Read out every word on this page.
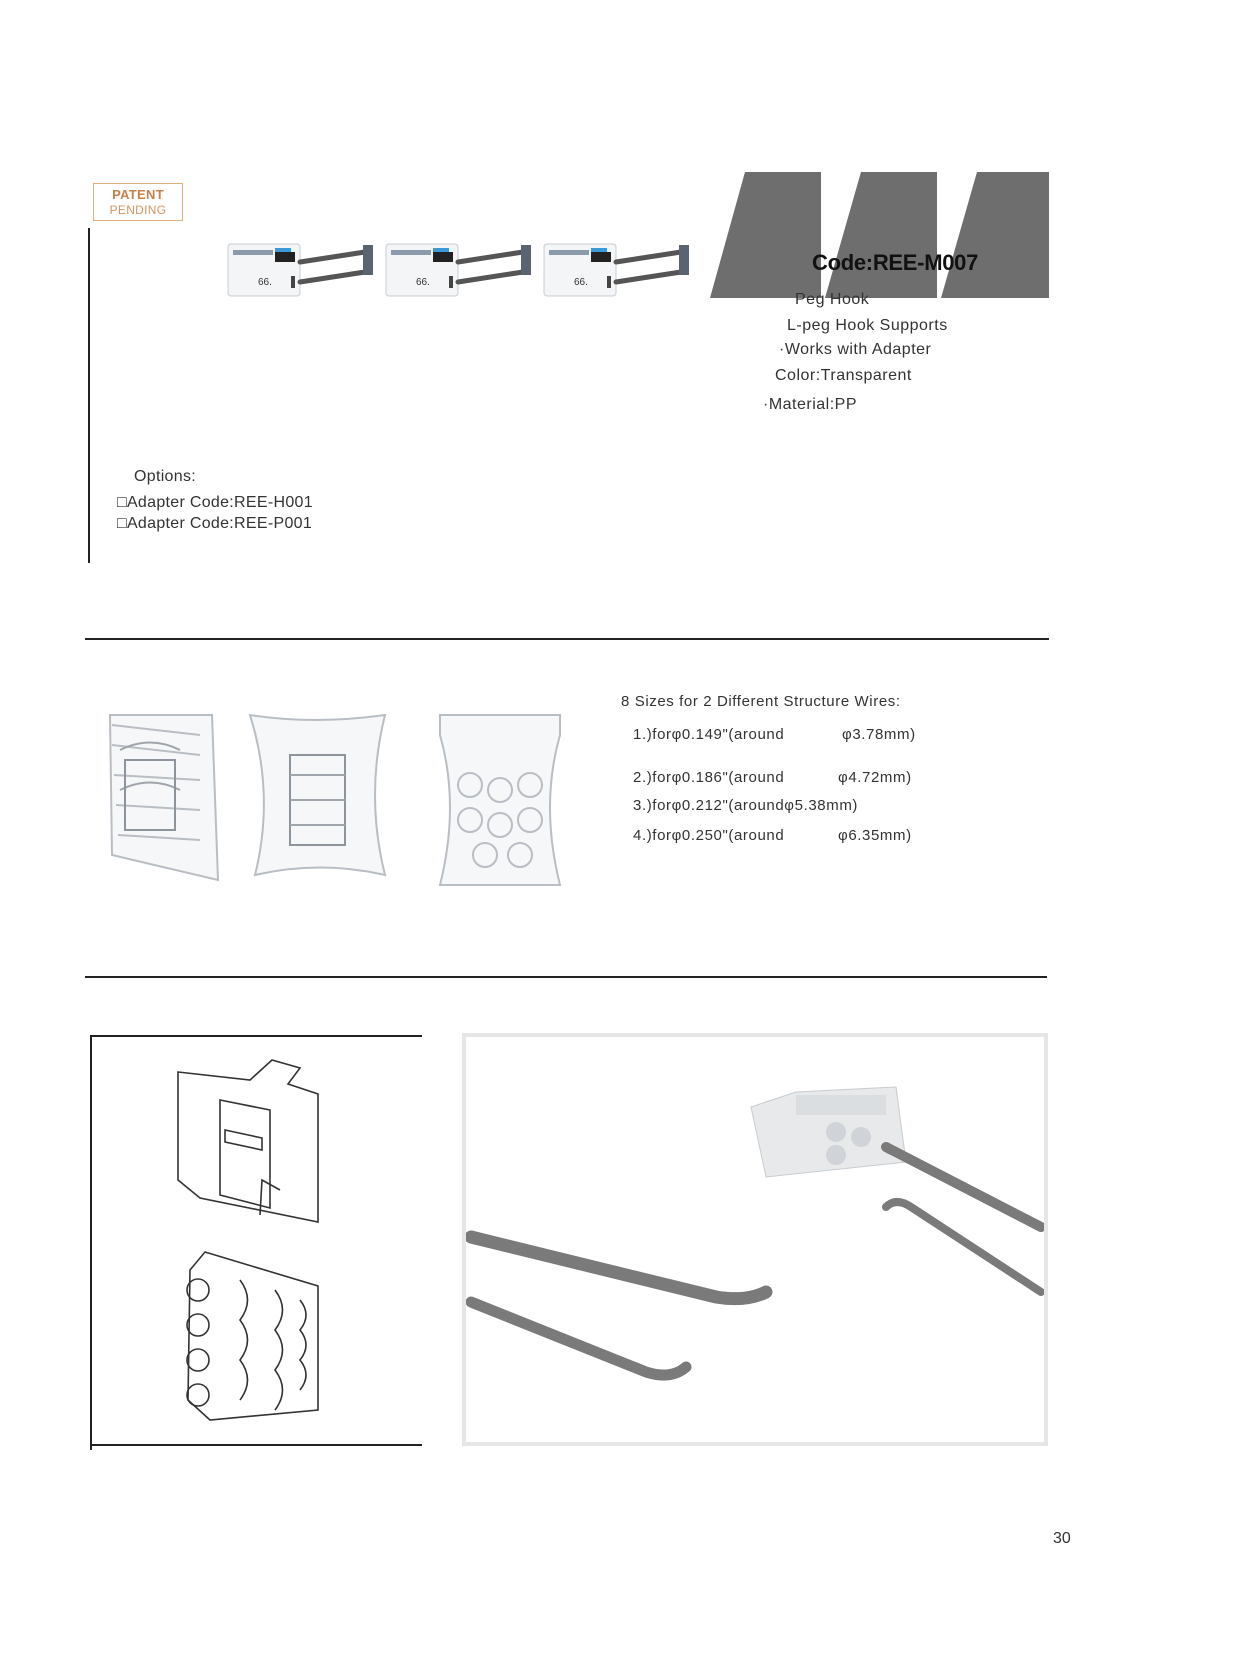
PATENT
PENDING
66.	66.	66.
Code:REE-M007
Peg Hook
L-peg Hook Supports
·Works with Adapter
Color:Transparent
·Material:PP
Options:
□Adapter Code:REE-H001
□Adapter Code:REE-P001
8 Sizes for 2 Different Structure Wires:
1.)forφ0.149"(around	φ3.78mm)
2.)forφ0.186"(around	φ4.72mm)
3.)forφ0.212"(aroundφ5.38mm)
4.)forφ0.250"(around	φ6.35mm)
30
